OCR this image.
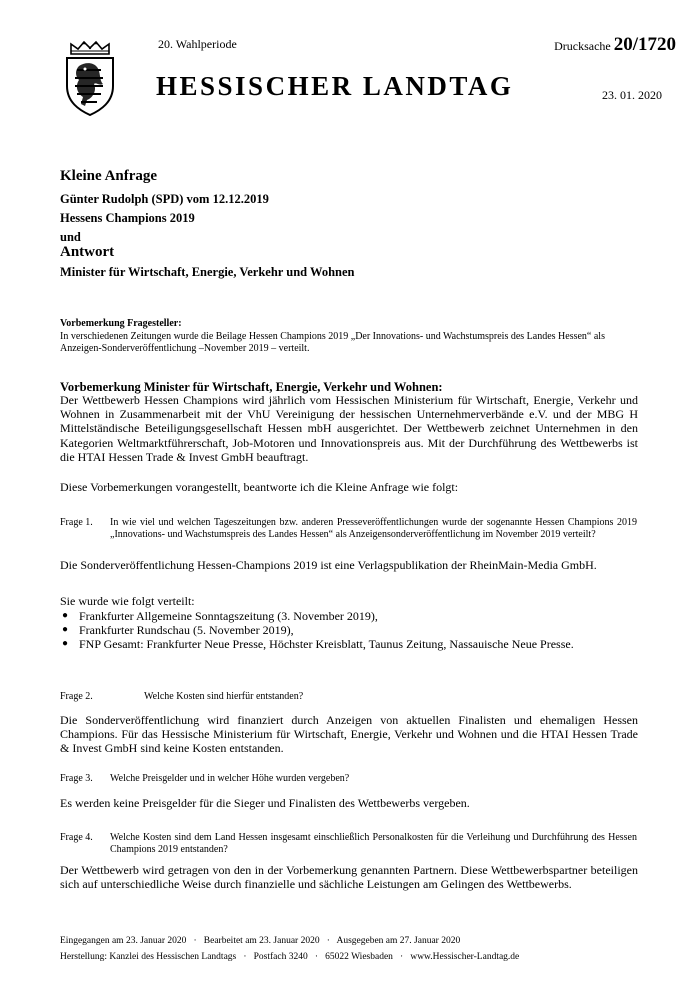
20. Wahlperiode	Drucksache 20/1720
HESSISCHER LANDTAG	23. 01. 2020
Kleine Anfrage
Günter Rudolph (SPD) vom 12.12.2019
Hessens Champions 2019
und
Antwort
Minister für Wirtschaft, Energie, Verkehr und Wohnen
Vorbemerkung Fragesteller:
In verschiedenen Zeitungen wurde die Beilage Hessen Champions 2019 „Der Innovations- und Wachstumspreis des Landes Hessen“ als Anzeigen-Sonderveröffentlichung –November 2019 – verteilt.
Vorbemerkung Minister für Wirtschaft, Energie, Verkehr und Wohnen:
Der Wettbewerb Hessen Champions wird jährlich vom Hessischen Ministerium für Wirtschaft, Energie, Verkehr und Wohnen in Zusammenarbeit mit der VhU Vereinigung der hessischen Unternehmerverbände e.V. und der MBG H Mittelständische Beteiligungsgesellschaft Hessen mbH ausgerichtet. Der Wettbewerb zeichnet Unternehmen in den Kategorien Weltmarktführerschaft, Job-Motoren und Innovationspreis aus. Mit der Durchführung des Wettbewerbs ist die HTAI Hessen Trade & Invest GmbH beauftragt.
Diese Vorbemerkungen vorangestellt, beantworte ich die Kleine Anfrage wie folgt:
Frage 1. In wie viel und welchen Tageszeitungen bzw. anderen Presseveröffentlichungen wurde der sogenannte Hessen Champions 2019 „Innovations- und Wachstumspreis des Landes Hessen“ als Anzeigensonderveröffentlichung im November 2019 verteilt?
Die Sonderveröffentlichung Hessen-Champions 2019 ist eine Verlagspublikation der RheinMain-Media GmbH.
Sie wurde wie folgt verteilt:
● Frankfurter Allgemeine Sonntagszeitung (3. November 2019),
● Frankfurter Rundschau (5. November 2019),
● FNP Gesamt: Frankfurter Neue Presse, Höchster Kreisblatt, Taunus Zeitung, Nassauische Neue Presse.
Frage 2.	Welche Kosten sind hierfür entstanden?
Die Sonderveröffentlichung wird finanziert durch Anzeigen von aktuellen Finalisten und ehemaligen Hessen Champions. Für das Hessische Ministerium für Wirtschaft, Energie, Verkehr und Wohnen und die HTAI Hessen Trade & Invest GmbH sind keine Kosten entstanden.
Frage 3. Welche Preisgelder und in welcher Höhe wurden vergeben?
Es werden keine Preisgelder für die Sieger und Finalisten des Wettbewerbs vergeben.
Frage 4. Welche Kosten sind dem Land Hessen insgesamt einschließlich Personalkosten für die Verleihung und Durchführung des Hessen Champions 2019 entstanden?
Der Wettbewerb wird getragen von den in der Vorbemerkung genannten Partnern. Diese Wettbewerbspartner beteiligen sich auf unterschiedliche Weise durch finanzielle und sächliche Leistungen am Gelingen des Wettbewerbs.
Eingegangen am 23. Januar 2020   ·   Bearbeitet am 23. Januar 2020   ·   Ausgegeben am 27. Januar 2020
Herstellung: Kanzlei des Hessischen Landtags   ·   Postfach 3240   ·   65022 Wiesbaden   ·   www.Hessischer-Landtag.de
